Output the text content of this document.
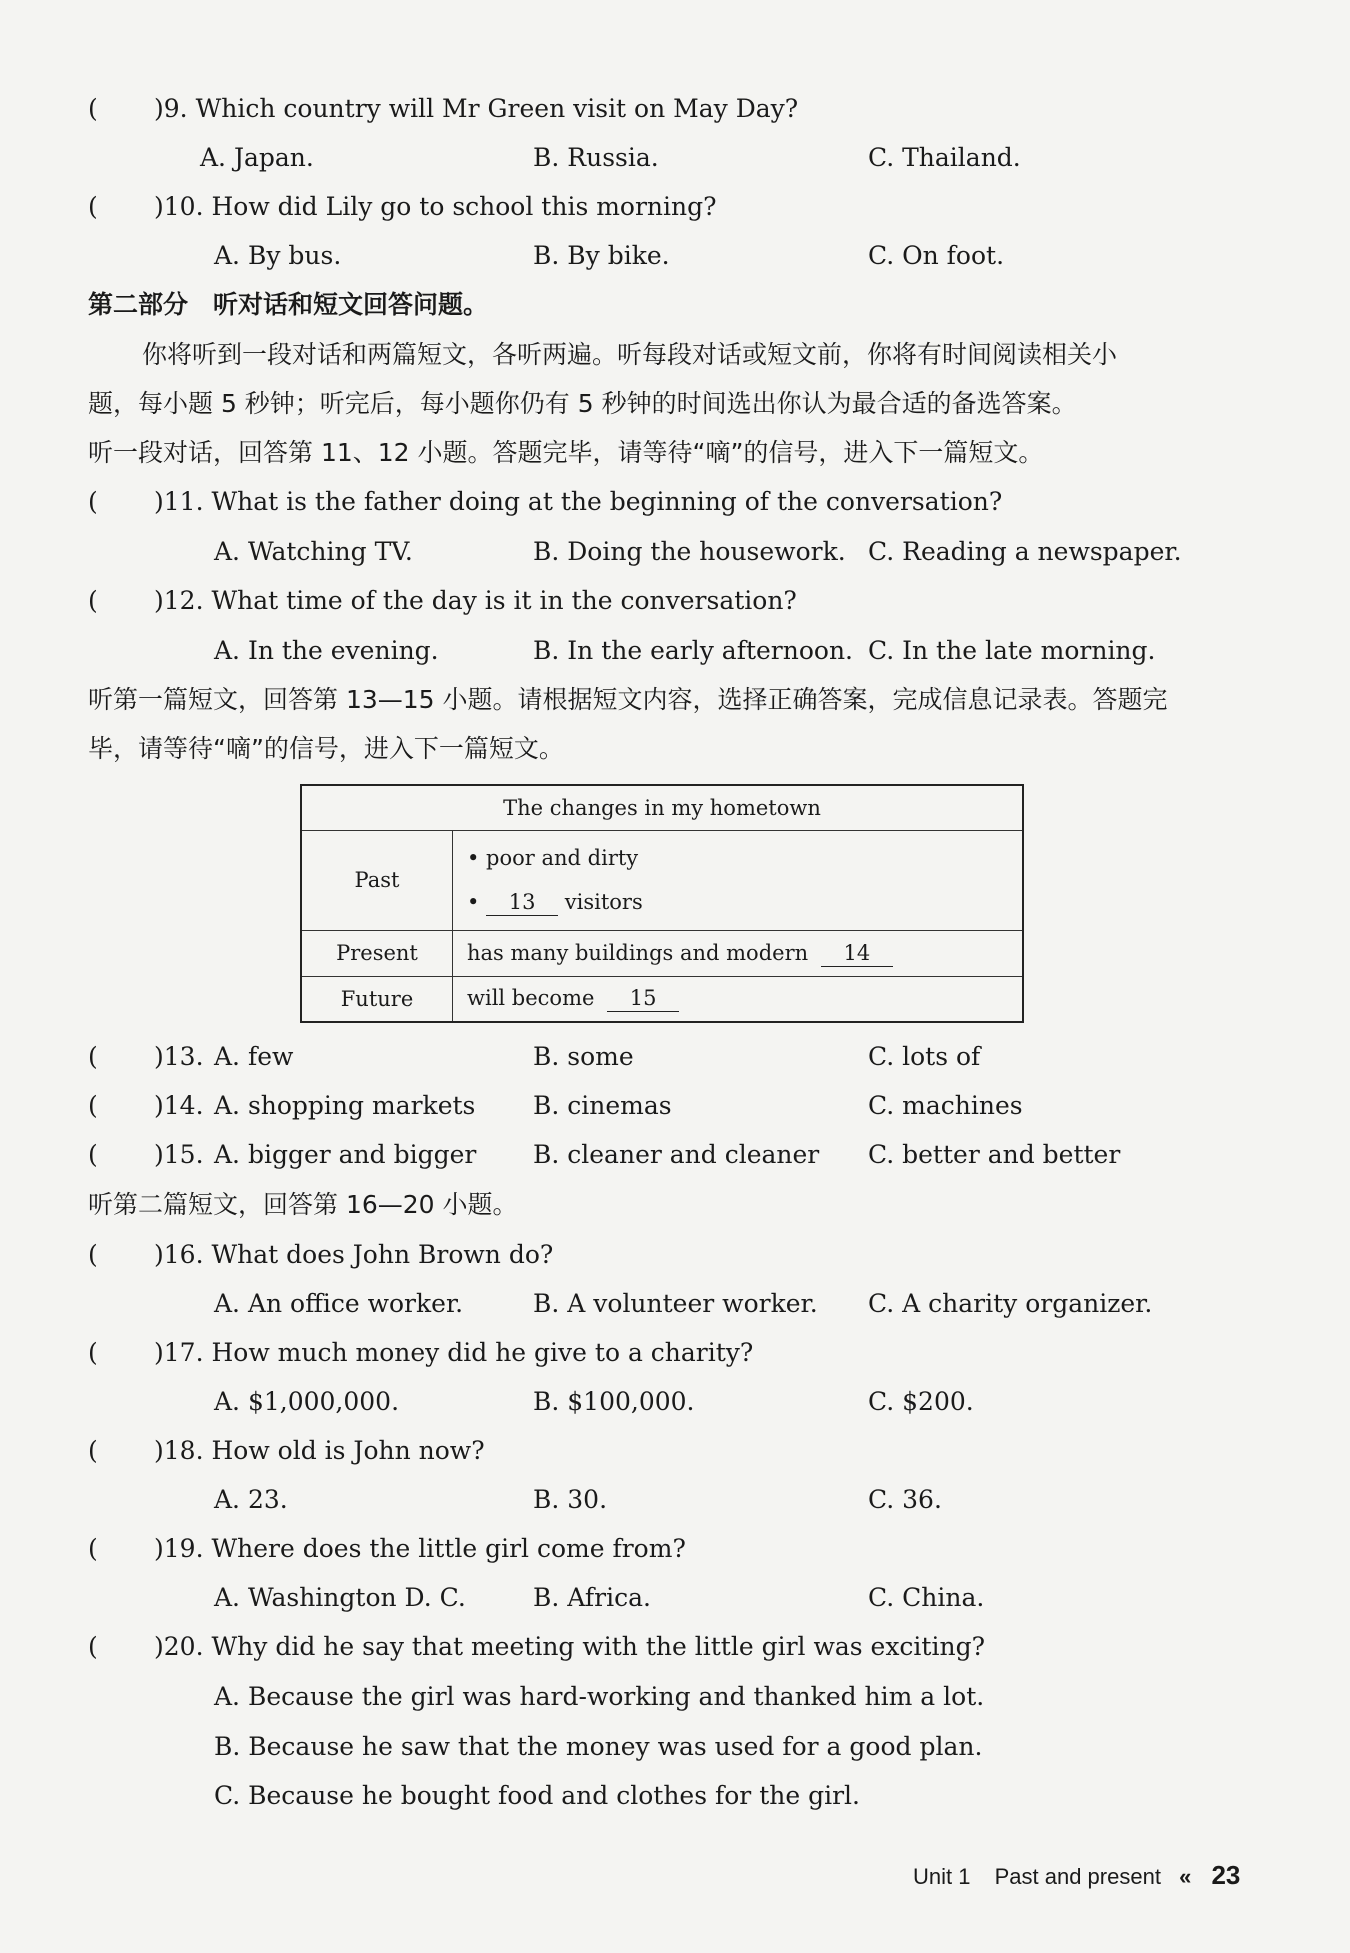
( )9. Which country will Mr Green visit on May Day?
A. Japan.	B. Russia.	C. Thailand.
( )10. How did Lily go to school this morning?
A. By bus.	B. By bike.	C. On foot.
第二部分　听对话和短文回答问题。
你将听到一段对话和两篇短文，各听两遍。听每段对话或短文前，你将有时间阅读相关小
题，每小题 5 秒钟；听完后，每小题你仍有 5 秒钟的时间选出你认为最合适的备选答案。
听一段对话，回答第 11、12 小题。答题完毕，请等待“嘀”的信号，进入下一篇短文。
( )11. What is the father doing at the beginning of the conversation?
A. Watching TV.	B. Doing the housework. C. Reading a newspaper.
( )12. What time of the day is it in the conversation?
A. In the evening.	B. In the early afternoon. C. In the late morning.
听第一篇短文，回答第 13—15 小题。请根据短文内容，选择正确答案，完成信息记录表。答题完
毕，请等待“嘀”的信号，进入下一篇短文。
The changes in my hometown	
Past	• poor and dirty
• 13 visitors

Present	has many buildings and modern 14
Future	will become 15
( )13. A. few	B. some	C. lots of
( )14. A. shopping markets B. cinemas	C. machines
( )15. A. bigger and bigger B. cleaner and cleaner C. better and better
听第二篇短文，回答第 16—20 小题。
( )16. What does John Brown do?
A. An office worker.	B. A volunteer worker. C. A charity organizer.
( )17. How much money did he give to a charity?
A. $1,000,000.	B. $100,000.	C. $200.
( )18. How old is John now?
A. 23.	B. 30.	C. 36.
( )19. Where does the little girl come from?
A. Washington D. C.	B. Africa.	C. China.
( )20. Why did he say that meeting with the little girl was exciting?
A. Because the girl was hard-working and thanked him a lot.
B. Because he saw that the money was used for a good plan.
C. Because he bought food and clothes for the girl.
Unit 1 Past and present « 23
